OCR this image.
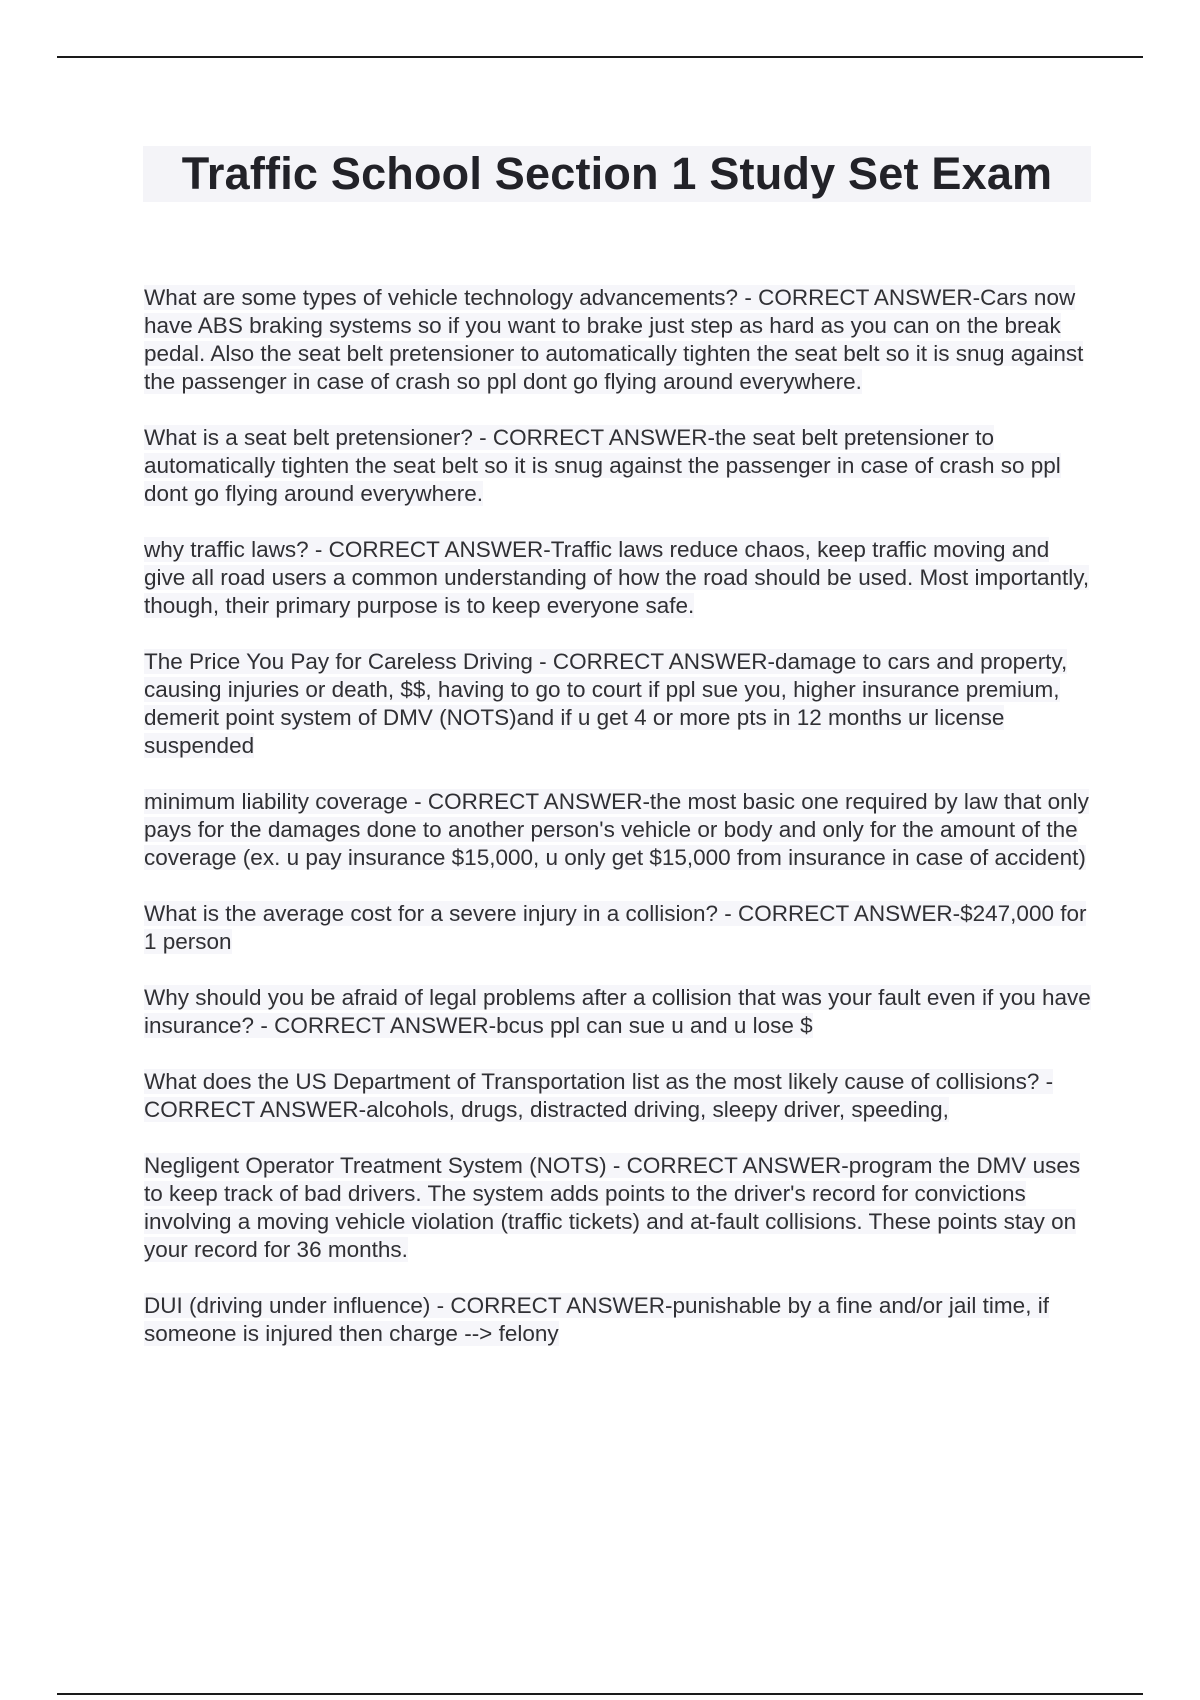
Traffic School Section 1 Study Set Exam

What are some types of vehicle technology advancements? - CORRECT ANSWER-Cars now have ABS braking systems so if you want to brake just step as hard as you can on the break pedal. Also the seat belt pretensioner to automatically tighten the seat belt so it is snug against the passenger in case of crash so ppl dont go flying around everywhere.

What is a seat belt pretensioner? - CORRECT ANSWER-the seat belt pretensioner to automatically tighten the seat belt so it is snug against the passenger in case of crash so ppl dont go flying around everywhere.

why traffic laws? - CORRECT ANSWER-Traffic laws reduce chaos, keep traffic moving and give all road users a common understanding of how the road should be used. Most importantly, though, their primary purpose is to keep everyone safe.

The Price You Pay for Careless Driving - CORRECT ANSWER-damage to cars and property, causing injuries or death, $$, having to go to court if ppl sue you, higher insurance premium, demerit point system of DMV (NOTS)and if u get 4 or more pts in 12 months ur license suspended

minimum liability coverage - CORRECT ANSWER-the most basic one required by law that only pays for the damages done to another person's vehicle or body and only for the amount of the coverage (ex. u pay insurance $15,000, u only get $15,000 from insurance in case of accident)

What is the average cost for a severe injury in a collision? - CORRECT ANSWER-$247,000 for 1 person

Why should you be afraid of legal problems after a collision that was your fault even if you have insurance? - CORRECT ANSWER-bcus ppl can sue u and u lose $

What does the US Department of Transportation list as the most likely cause of collisions? - CORRECT ANSWER-alcohols, drugs, distracted driving, sleepy driver, speeding,

Negligent Operator Treatment System (NOTS) - CORRECT ANSWER-program the DMV uses to keep track of bad drivers. The system adds points to the driver's record for convictions involving a moving vehicle violation (traffic tickets) and at-fault collisions. These points stay on your record for 36 months.

DUI (driving under influence) - CORRECT ANSWER-punishable by a fine and/or jail time, if someone is injured then charge --> felony
